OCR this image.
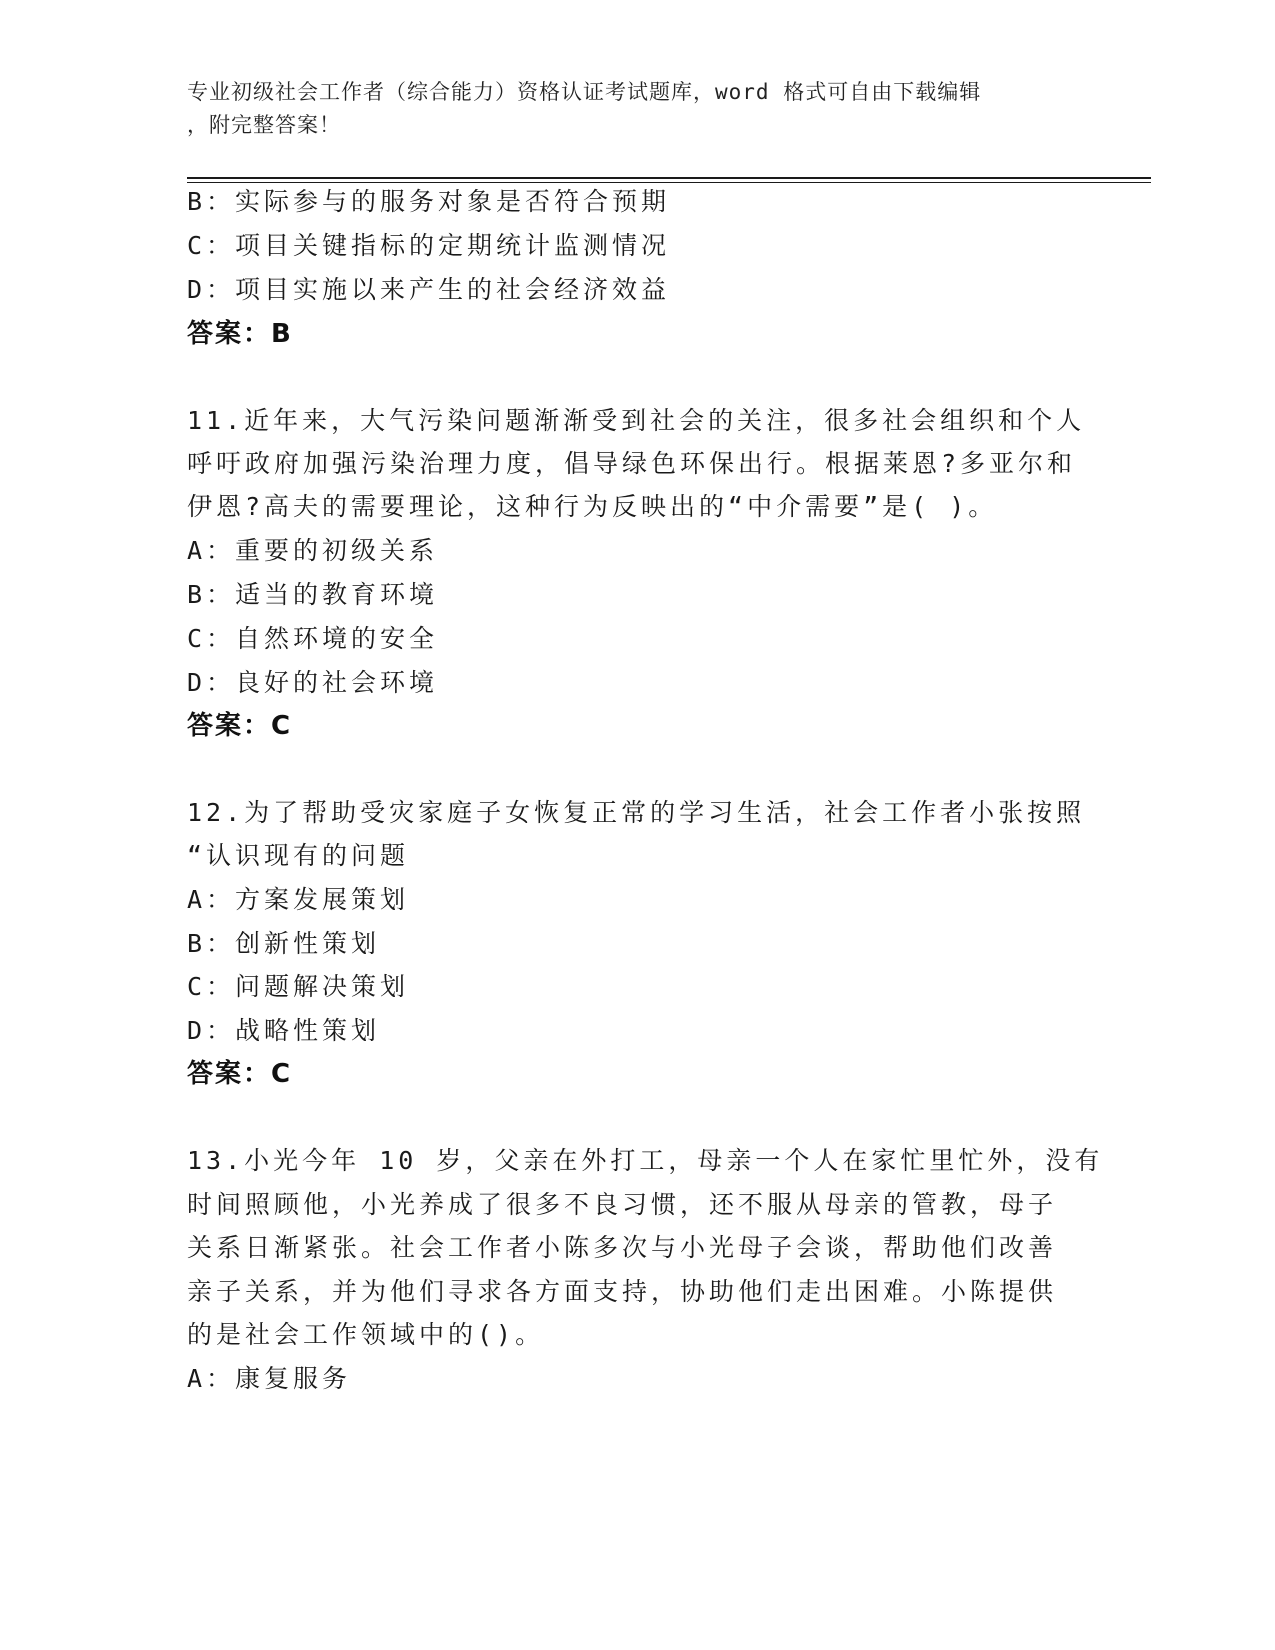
专业初级社会工作者（综合能力）资格认证考试题库，word 格式可自由下载编辑
，附完整答案！
B：实际参与的服务对象是否符合预期
C：项目关键指标的定期统计监测情况
D：项目实施以来产生的社会经济效益
答案：B
11.近年来，大气污染问题渐渐受到社会的关注，很多社会组织和个人
呼吁政府加强污染治理力度，倡导绿色环保出行。根据莱恩?多亚尔和
伊恩?高夫的需要理论，这种行为反映出的“中介需要”是( )。
A：重要的初级关系
B：适当的教育环境
C：自然环境的安全
D：良好的社会环境
答案：C
12.为了帮助受灾家庭子女恢复正常的学习生活，社会工作者小张按照
“认识现有的问题
A：方案发展策划
B：创新性策划
C：问题解决策划
D：战略性策划
答案：C
13.小光今年 10 岁，父亲在外打工，母亲一个人在家忙里忙外，没有
时间照顾他，小光养成了很多不良习惯，还不服从母亲的管教，母子
关系日渐紧张。社会工作者小陈多次与小光母子会谈，帮助他们改善
亲子关系，并为他们寻求各方面支持，协助他们走出困难。小陈提供
的是社会工作领域中的()。
A：康复服务
